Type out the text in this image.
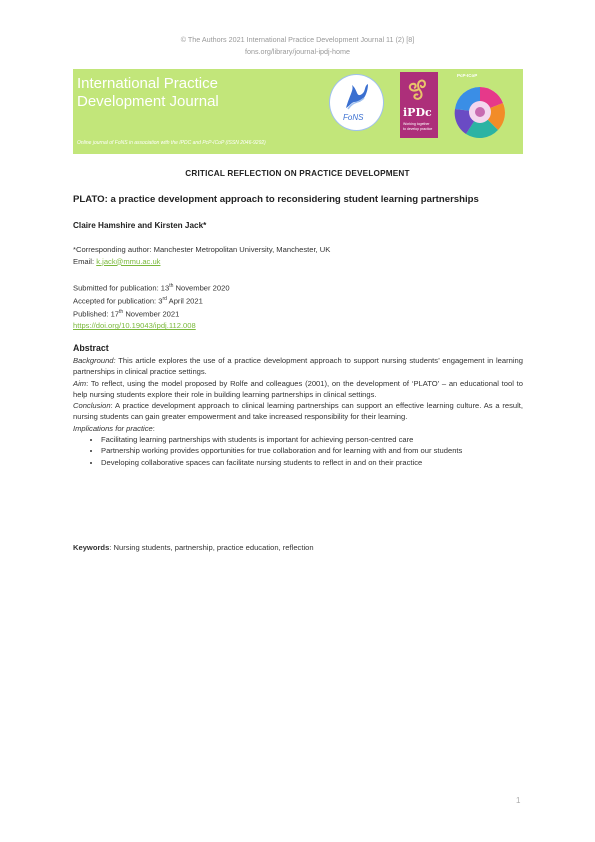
© The Authors 2021 International Practice Development Journal 11 (2) [8]
fons.org/library/journal-ipdj-home
International Practice
Development Journal
Online journal of FoNS in association with the IPDC and PcP-ICoP (ISSN 2046-9292)
FoNS	iPDc
Working together
to develop practice
PcP-ICoP
CRITICAL REFLECTION ON PRACTICE DEVELOPMENT
PLATO: a practice development approach to reconsidering student learning partnerships
Claire Hamshire and Kirsten Jack*
*Corresponding author: Manchester Metropolitan University, Manchester, UK
Email: k.jack@mmu.ac.uk
Submitted for publication: 13th November 2020
Accepted for publication: 3rd April 2021
Published: 17th November 2021
https://doi.org/10.19043/ipdj.112.008
Abstract

Background: This article explores the use of a practice development approach to support nursing students’ engagement in learning partnerships in clinical practice settings.

Aim: To reflect, using the model proposed by Rolfe and colleagues (2001), on the development of ‘PLATO’ – an educational tool to help nursing students explore their role in building learning partnerships in clinical settings.

Conclusion: A practice development approach to clinical learning partnerships can support an effective learning culture. As a result, nursing students can gain greater empowerment and take increased responsibility for their learning.

Implications for practice:

• Facilitating learning partnerships with students is important for achieving person-centred care
• Partnership working provides opportunities for true collaboration and for learning with and from our students
• Developing collaborative spaces can facilitate nursing students to reflect in and on their practice
Keywords: Nursing students, partnership, practice education, reflection
1
